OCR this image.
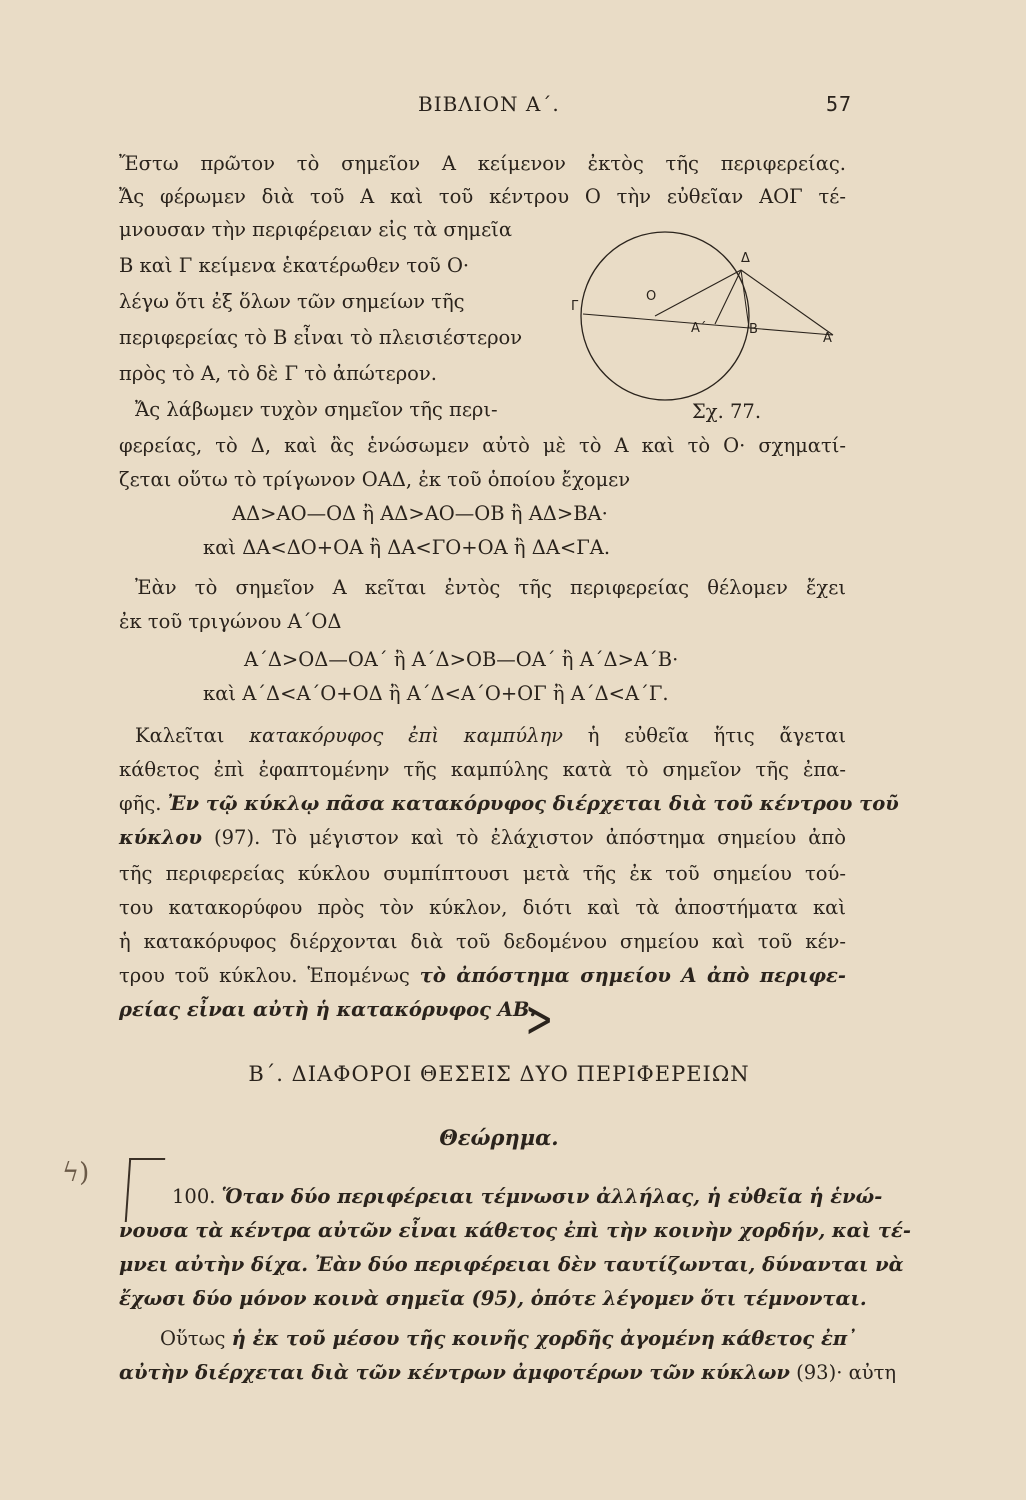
ΒΙΒΛΙΟΝ Α΄.	57
Ἔστω πρῶτον τὸ σημεῖον Α κείμενον ἐκτὸς τῆς περιφερείας.
Ἄς φέρωμεν διὰ τοῦ Α καὶ τοῦ κέντρου Ο τὴν εὐθεῖαν ΑΟΓ τέ-
μνουσαν τὴν περιφέρειαν εἰς τὰ σημεῖα
Β καὶ Γ κείμενα ἑκατέρωθεν τοῦ Ο·
λέγω ὅτι ἐξ ὅλων τῶν σημείων τῆς
περιφερείας τὸ Β εἶναι τὸ πλεισιέστερον
πρὸς τὸ Α, τὸ δὲ Γ τὸ ἀπώτερον.
Ἄς λάβωμεν τυχὸν σημεῖον τῆς περι-
Γ
O
Δ
Α΄	B
A
Σχ. 77.
φερείας, τὸ Δ, καὶ ἂς ἑνώσωμεν αὐτὸ μὲ τὸ Α καὶ τὸ Ο· σχηματί-
ζεται οὕτω τὸ τρίγωνον ΟΑΔ, ἐκ τοῦ ὁποίου ἔχομεν
ΑΔ>ΑΟ—ΟΔ ἢ ΑΔ>ΑΟ—ΟΒ ἢ ΑΔ>ΒΑ·
καὶ ΔΑ<ΔΟ+ΟΑ ἢ ΔΑ<ΓΟ+ΟΑ ἢ ΔΑ<ΓΑ.
Ἐὰν τὸ σημεῖον Α κεῖται ἐντὸς τῆς περιφερείας θέλομεν ἔχει
ἐκ τοῦ τριγώνου Α΄ΟΔ
Α΄Δ>ΟΔ—ΟΑ΄ ἢ Α΄Δ>ΟΒ—ΟΑ΄ ἢ Α΄Δ>Α΄Β·
καὶ Α΄Δ<Α΄Ο+ΟΔ ἢ Α΄Δ<Α΄Ο+ΟΓ ἢ Α΄Δ<Α΄Γ.
Καλεῖται κατακόρυφος ἐπὶ καμπύλην ἡ εὐθεῖα ἥτις ἄγεται
κάθετος ἐπὶ ἐφαπτομένην τῆς καμπύλης κατὰ τὸ σημεῖον τῆς ἐπα-
φῆς. Ἐν τῷ κύκλῳ πᾶσα κατακόρυφος διέρχεται διὰ τοῦ κέντρου τοῦ
κύκλου (97). Τὸ μέγιστον καὶ τὸ ἐλάχιστον ἀπόστημα σημείου ἀπὸ
τῆς περιφερείας κύκλου συμπίπτουσι μετὰ τῆς ἐκ τοῦ σημείου τού-
του κατακορύφου πρὸς τὸν κύκλον, διότι καὶ τὰ ἀποστήματα καὶ
ἡ κατακόρυφος διέρχονται διὰ τοῦ δεδομένου σημείου καὶ τοῦ κέν-
τρου τοῦ κύκλου. Ἑπομένως τὸ ἀπόστημα σημείου Α ἀπὸ περιφε-
ρείας εἶναι αὐτὴ ἡ κατακόρυφος ΑΒ.
>
Β΄. ΔΙΑΦΟΡΟΙ ΘΕΣΕΙΣ ΔΥΟ ΠΕΡΙΦΕΡΕΙΩΝ
Θεώρημα.
ϟ)
100. Ὅταν δύο περιφέρειαι τέμνωσιν ἀλλήλας, ἡ εὐθεῖα ἡ ἑνώ-
νουσα τὰ κέντρα αὐτῶν εἶναι κάθετος ἐπὶ τὴν κοινὴν χορδήν, καὶ τέ-
μνει αὐτὴν δίχα. Ἐὰν δύο περιφέρειαι δὲν ταυτίζωνται, δύνανται νὰ
ἔχωσι δύο μόνον κοινὰ σημεῖα (95), ὁπότε λέγομεν ὅτι τέμνονται.
Οὕτως ἡ ἐκ τοῦ μέσου τῆς κοινῆς χορδῆς ἀγομένη κάθετος ἐπ᾿
αὐτὴν διέρχεται διὰ τῶν κέντρων ἀμφοτέρων τῶν κύκλων (93)· αὐτη
